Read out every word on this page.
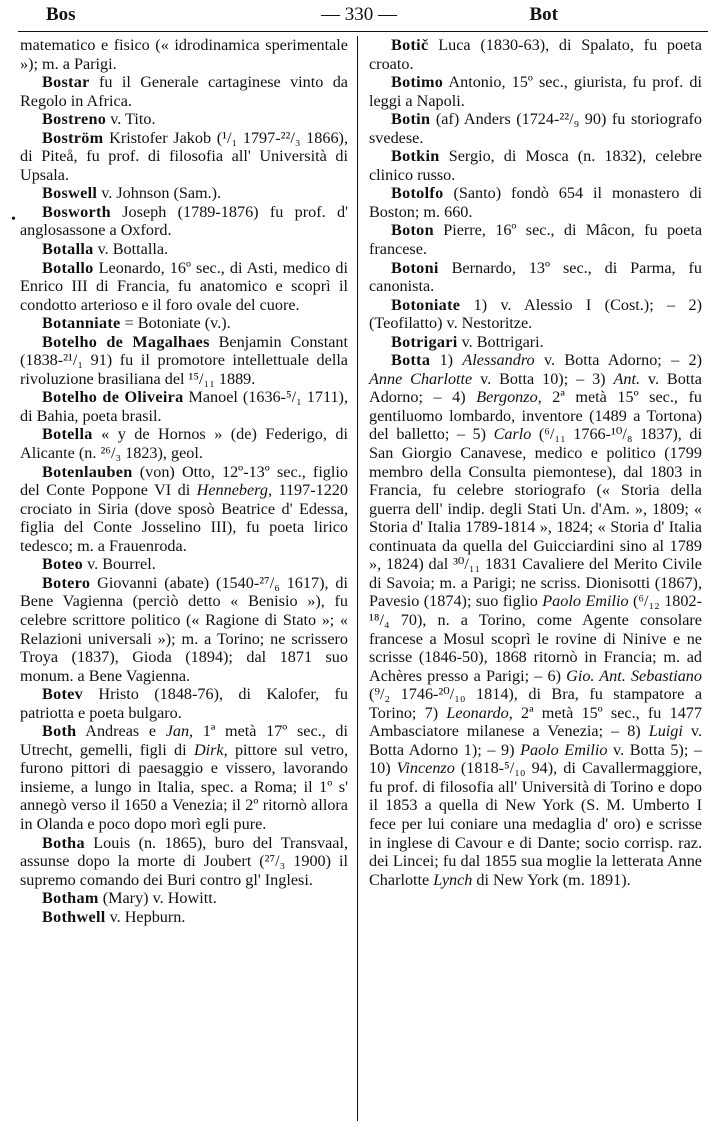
Bos	— 330 —	Bot
•

matematico e fisico (« idrodinamica sperimentale »); m. a Parigi.

Bostar fu il Generale cartaginese vinto da Regolo in Africa.

Bostreno v. Tito.

Boström Kristofer Jakob (¹/₁ 1797-²²/₃ 1866), di Piteå, fu prof. di filosofia all' Università di Upsala.

Boswell v. Johnson (Sam.).

Bosworth Joseph (1789-1876) fu prof. d' anglosassone a Oxford.

Botalla v. Bottalla.

Botallo Leonardo, 16º sec., di Asti, medico di Enrico III di Francia, fu anatomico e scoprì il condotto arterioso e il foro ovale del cuore.

Botanniate = Botoniate (v.).

Botelho de Magalhaes Benjamin Constant (1838-²¹/₁ 91) fu il promotore intellettuale della rivoluzione brasiliana del ¹⁵/₁₁ 1889.

Botelho de Oliveira Manoel (1636-⁵/₁ 1711), di Bahia, poeta brasil.

Botella « y de Hornos » (de) Federigo, di Alicante (n. ²⁶/₃ 1823), geol.

Botenlauben (von) Otto, 12º-13º sec., figlio del Conte Poppone VI di Henneberg, 1197-1220 crociato in Siria (dove sposò Beatrice d' Edessa, figlia del Conte Josselino III), fu poeta lirico tedesco; m. a Frauenroda.

Boteo v. Bourrel.

Botero Giovanni (abate) (1540-²⁷/₆ 1617), di Bene Vagienna (perciò detto « Benisio »), fu celebre scrittore politico (« Ragione di Stato »; « Relazioni universali »); m. a Torino; ne scrissero Troya (1837), Gioda (1894); dal 1871 suo monum. a Bene Vagienna.

Botev Hristo (1848-76), di Kalofer, fu patriotta e poeta bulgaro.

Both Andreas e Jan, 1ª metà 17º sec., di Utrecht, gemelli, figli di Dirk, pittore sul vetro, furono pittori di paesaggio e vissero, lavorando insieme, a lungo in Italia, spec. a Roma; il 1º s' annegò verso il 1650 a Venezia; il 2º ritornò allora in Olanda e poco dopo morì egli pure.

Botha Louis (n. 1865), buro del Transvaal, assunse dopo la morte di Joubert (²⁷/₃ 1900) il supremo comando dei Buri contro gl' Inglesi.

Botham (Mary) v. Howitt.

Bothwell v. Hepburn.

Botič Luca (1830-63), di Spalato, fu poeta croato.

Botimo Antonio, 15º sec., giurista, fu prof. di leggi a Napoli.

Botin (af) Anders (1724-²²/₉ 90) fu storiografo svedese.

Botkin Sergio, di Mosca (n. 1832), celebre clinico russo.

Botolfo (Santo) fondò 654 il monastero di Boston; m. 660.

Boton Pierre, 16º sec., di Mâcon, fu poeta francese.

Botoni Bernardo, 13º sec., di Parma, fu canonista.

Botoniate 1) v. Alessio I (Cost.); – 2) (Teofilatto) v. Nestoritze.

Botrigari v. Bottrigari.

Botta 1) Alessandro v. Botta Adorno; – 2) Anne Charlotte v. Botta 10); – 3) Ant. v. Botta Adorno; – 4) Bergonzo, 2ª metà 15º sec., fu gentiluomo lombardo, inventore (1489 a Tortona) del balletto; – 5) Carlo (⁶/₁₁ 1766-¹⁰/₈ 1837), di San Giorgio Canavese, medico e politico (1799 membro della Consulta piemontese), dal 1803 in Francia, fu celebre storiografo (« Storia della guerra dell' indip. degli Stati Un. d'Am. », 1809; « Storia d' Italia 1789-1814 », 1824; « Storia d' Italia continuata da quella del Guicciardini sino al 1789 », 1824) dal ³⁰/₁₁ 1831 Cavaliere del Merito Civile di Savoia; m. a Parigi; ne scriss. Dionisotti (1867), Pavesio (1874); suo figlio Paolo Emilio (⁶/₁₂ 1802-¹⁸/₄ 70), n. a Torino, come Agente consolare francese a Mosul scoprì le rovine di Ninive e ne scrisse (1846-50), 1868 ritornò in Francia; m. ad Achères presso a Parigi; – 6) Gio. Ant. Sebastiano (⁹/₂ 1746-²⁰/₁₀ 1814), di Bra, fu stampatore a Torino; 7) Leonardo, 2ª metà 15º sec., fu 1477 Ambasciatore milanese a Venezia; – 8) Luigi v. Botta Adorno 1); – 9) Paolo Emilio v. Botta 5); – 10) Vincenzo (1818-⁵/₁₀ 94), di Cavallermaggiore, fu prof. di filosofia all' Università di Torino e dopo il 1853 a quella di New York (S. M. Umberto I fece per lui coniare una medaglia d' oro) e scrisse in inglese di Cavour e di Dante; socio corrisp. raz. dei Lincei; fu dal 1855 sua moglie la letterata Anne Charlotte Lynch di New York (m. 1891).
